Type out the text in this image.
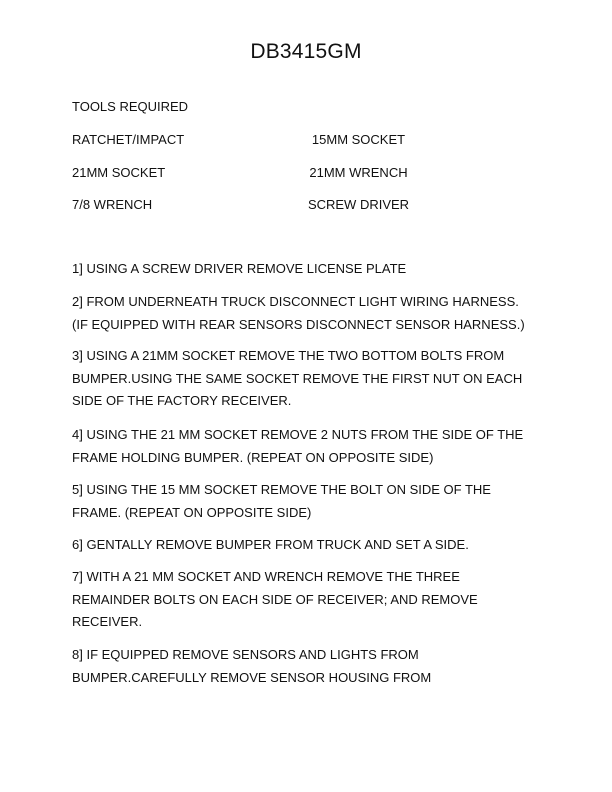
DB3415GM
TOOLS REQUIRED
RATCHET/IMPACT	15MM SOCKET
21MM SOCKET	21MM WRENCH
7/8 WRENCH	SCREW DRIVER
1] USING A SCREW DRIVER REMOVE LICENSE PLATE
2] FROM UNDERNEATH TRUCK DISCONNECT LIGHT WIRING HARNESS.
(IF EQUIPPED WITH REAR SENSORS DISCONNECT SENSOR HARNESS.)
3] USING A 21MM SOCKET REMOVE THE TWO BOTTOM BOLTS FROM
BUMPER.USING THE SAME SOCKET REMOVE THE FIRST NUT ON EACH
SIDE OF THE FACTORY RECEIVER.
4] USING THE 21 MM SOCKET REMOVE 2 NUTS FROM THE SIDE OF THE
FRAME HOLDING BUMPER. (REPEAT ON OPPOSITE SIDE)
5] USING THE 15 MM SOCKET REMOVE THE BOLT ON SIDE OF THE
FRAME. (REPEAT ON OPPOSITE SIDE)
6] GENTALLY REMOVE BUMPER FROM TRUCK AND SET A SIDE.
7] WITH A 21 MM SOCKET AND WRENCH REMOVE THE THREE
REMAINDER BOLTS ON EACH SIDE OF RECEIVER; AND REMOVE
RECEIVER.
8] IF EQUIPPED REMOVE SENSORS AND LIGHTS FROM
BUMPER.CAREFULLY REMOVE SENSOR HOUSING FROM
